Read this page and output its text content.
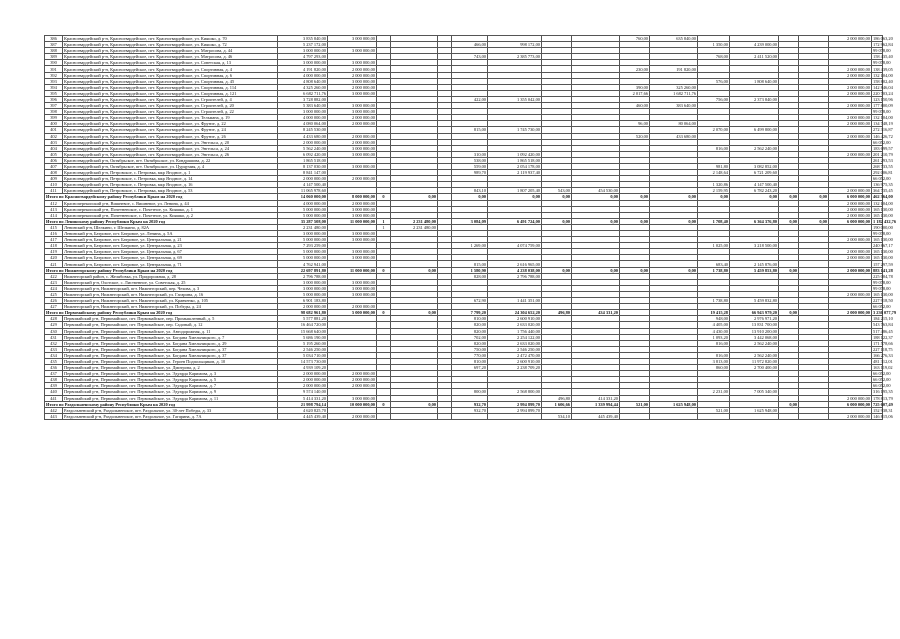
386	Красногвардейский р-н, Красногвардейское, пгт. Красногвардейское, ул. Кияшко, д. 70	3 835 840,00	3 000 000,00								760,00	635 840,00					2 000 000,00	186 063,20
387	Красногвардейский р-н, Красногвардейское, пгт. Красногвардейское, ул. Кияшко, д. 72	5 237 172,00					466,00	998 172,00					1 350,00	4 239 000,00				172 962,84
388	Красногвардейский р-н, Красногвардейское, пгт. Красногвардейское, ул. Матросова, д. 44	3 000 000,00	3 000 000,00															99 078,00
389	Красногвардейский р-н, Красногвардейское, пгт. Красногвардейское, ул. Матросова, д. 46	4 797 293,00					743,00	2 385 773,00					768,00	2 411 520,00				158 435,40
390	Красногвардейский р-н, Красногвардейское, пгт. Красногвардейское, ул. Советская, д. 13	3 000 000,00	3 000 000,00															99 078,00
391	Красногвардейский р-н, Красногвардейское, пгт. Красногвардейское, ул. Спортивная, д. 4	4 191 820,00	2 000 000,00								230,00	191 820,00					2 000 000,00	138 439,05
392	Красногвардейский р-н, Красногвардейское, пгт. Красногвардейское, ул. Спортивная, д. 6	4 000 000,00	2 000 000,00														2 000 000,00	132 104,00
393	Красногвардейский р-н, Красногвардейское, пгт. Красногвардейское, ул. Спортивная, д. 45	4 808 640,00	3 000 000,00										576,00	1 808 640,00				158 802,40
394	Красногвардейский р-н, Красногвардейское, пгт. Красногвардейское, ул. Спортивная, д. 114	4 325 260,00	2 000 000,00								390,00	325 260,00					2 000 000,00	142 846,04
395	Красногвардейский р-н, Красногвардейское, пгт. Красногвардейское, ул. Спортивная, д. 121	6 682 711,76	3 000 000,00								2 017,66	1 682 711,76					2 000 000,00	220 703,24
396	Красногвардейский р-н, Красногвардейское, пгт. Красногвардейское, ул. Строителей, д. 4	3 728 882,00					422,00	1 355 042,00					756,00	2 373 840,00				123 150,96
397	Красногвардейский р-н, Красногвардейское, пгт. Красногвардейское, ул. Строителей, д. 20	5 383 640,00	3 000 000,00								460,00	383 640,00					2 000 000,00	177 800,09
398	Красногвардейский р-н, Красногвардейское, пгт. Красногвардейское, ул. Строителей, д. 22	3 000 000,00	3 000 000,00															99 078,00
399	Красногвардейский р-н, Красногвардейское, пгт. Красногвардейское, ул. Тельмана, д. 19	4 000 000,00	2 000 000,00														2 000 000,00	132 104,00
400	Красногвардейский р-н, Красногвардейское, пгт. Красногвардейское, ул. Фрунзе, д. 22	4 080 064,00	2 000 000,00								96,00	80 064,00					2 000 000,00	134 748,19
401	Красногвардейский р-н, Красногвардейское, пгт. Красногвардейское, ул. Фрунзе, д. 24	8 245 530,00					815,00	1 745 730,00					2 070,00	6 499 800,00				272 316,87
402	Красногвардейский р-н, Красногвардейское, пгт. Красногвардейское, ул. Фрунзе, д. 26	4 433 680,00	2 000 000,00								520,00	433 680,00					2 000 000,00	146 426,72
403	Красногвардейский р-н, Красногвардейское, пгт. Красногвардейское, ул. Энгельса, д. 20	2 000 000,00	2 000 000,00															66 052,00
404	Красногвардейский р-н, Красногвардейское, пгт. Красногвардейское, ул. Энгельса, д. 24	5 562 240,00	3 000 000,00										816,00	2 562 240,00				183 699,57
405	Красногвардейский р-н, Красногвардейское, пгт. Красногвардейское, ул. Энгельса, д. 26	6 092 420,00	3 000 000,00				310,00	1 092 420,00									2 000 000,00	201 210,79
406	Красногвардейский р-н, Октябрьское, пгт. Октябрьское, ул. Кондрашова, д. 22	1 865 518,00					538,00	1 865 518,00										261 293,53
407	Красногвардейский р-н, Октябрьское, пгт. Октябрьское, ул. Цурцумия, д. 4	8 137 030,00	3 000 000,00				559,00	2 054 178,00					981,80	3 082 852,00				268 733,55
408	Красногвардейский р-н, Петровское, с. Петровка, мкр Ягодное, д. 1	8 841 147,00					989,70	2 119 937,40					2 148,64	6 721 209,60				292 006,81
409	Красногвардейский р-н, Петровское, с. Петровка, мкр Ягодное, д. 14	2 000 000,00	2 000 000,00															66 052,00
410	Красногвардейский р-н, Петровское, с. Петровка, мкр Ягодное, д. 16	4 147 500,40											1 320,86	4 147 500,40				136 975,35
411	Красногвардейский р-н, Петровское, с. Петровка, мкр Ягодное, д. 53	11 065 978,60					843,10	1 807 205,40	543,00	454 530,00			2 159,95	6 782 243,20			2 000 000,00	364 735,45
Итого по Красногвардейскому району Республики Крым на 2020 год		14 060 000,00	8 000 000,00	0	0,00		0,00	0,00	0,00	0,00	0,00	0,00	0,00	0,00	0,00	0,00	6 000 000,00	462 364,00
412	Красноперекопский р-н, Вишневое, с. Вишневое, ул. Ленина, д. 44	4 000 000,00	2 000 000,00														2 000 000,00	132 104,00
413	Красноперекопский р-н, Почетненское, с. Почетное, ул. Кияшко, д. 1	5 000 000,00	3 000 000,00														2 000 000,00	165 130,00
414	Красноперекопский р-н, Почетненское, с. Почетное, ул. Кияшко, д. 2	5 000 000,00	3 000 000,00														2 000 000,00	165 130,00
Итого по Ленинскому району Республики Крым на 2020 год		35 287 508,00	11 000 000,00	1	2 231 480,00		3 084,09	6 491 724,00	0,00	0,00	0,00	0,00	1 708,40	6 364 376,80	0,00	0,00	6 000 000,00	1 182 432,76
415	Ленинский р-н, Шелкино, г. Шелкино, д. 82А	2 231 480,00		1	2 231 480,00													190 000,00
416	Ленинский р-н, Батровое, пгт. Батровое, ул. Ленина, д. 5А	3 000 000,00	3 000 000,00															99 078,00
417	Ленинский р-н, Батровое, пгт. Батровое, ул. Центральная, д. 21	5 000 000,00	3 000 000,00														2 000 000,00	165 130,00
418	Ленинский р-н, Батровое, пгт. Батровое, ул. Центральная, д. 23	7 293 259,00					1 269,00	4 074 759,00					1 025,00	3 218 500,00				240 867,17
419	Ленинский р-н, Батровое, пгт. Батровое, ул. Центральная, д. 67	5 000 000,00	3 000 000,00														2 000 000,00	165 130,00
420	Ленинский р-н, Батровое, пгт. Батровое, ул. Центральная, д. 69	5 000 000,00	3 000 000,00														2 000 000,00	165 130,00
421	Ленинский р-н, Батровое, пгт. Батровое, ул. Центральная, д. 71	4 762 941,00					815,00	2 616 965,00					683,40	2 145 876,00				157 297,59
Итого по Нижнегорскому району Республики Крым на 2020 год		22 697 891,80	11 000 000,00	0	0,00		1 580,90	4 238 038,00	0,00	0,00	0,00	0,00	1 738,80	5 459 853,80	0,00		2 000 000,00	883 141,28
422	Нижнегорский район, с. Желябовка, ул. Придорожная, д. 28	2 796 788,00					828,00	2 796 788,00										225 004,78
423	Нижнегорский р-н, Охотское, с. Лиственное, ул. Советская, д. 25	3 000 000,00	3 000 000,00															99 078,00
424	Нижнегорский р-н, Нижнегорский, пгт. Нижнегорский, пер. Чехова, д. 3	3 000 000,00	3 000 000,00															99 078,00
425	Нижнегорский р-н, Нижнегорский, пгт. Нижнегорский, ул. Гагарина, д. 16	5 000 000,00	3 000 000,00														2 000 000,00	165 130,00
426	Нижнегорский р-н, Нижнегорский, пгт. Нижнегорский, ул. Кравченко, д. 105	6 901 183,80					672,90	1 441 351,00					1 738,80	5 459 832,80				227 918,50
427	Нижнегорский р-н, Нижнегорский, пгт. Нижнегорский, ул. Победы, д. 24	2 000 000,00	2 000 000,00															66 052,00
Итого по Первомайскому району Республики Крым на 2020 год		98 682 961,80	5 000 000,00	0	0,00		7 799,20	24 304 652,20	496,80	434 331,20			19 415,28	66 943 979,20	0,00		2 000 000,00	3 236 077,79
428	Первомайский р-н, Первомайское, пгт. Первомайское, пер. Промышленный, д. 5	5 577 881,20					810,00	2 600 910,00					948,00	2 976 971,20				184 215,10
429	Первомайский р-н, Первомайское, пгт. Первомайское, пер. Садовый, д. 12	16 464 720,00					820,00	2 633 020,00					4 405,00	13 831 700,00				543 763,84
430	Первомайский р-н, Первомайское, пгт. Первомайское, ул. Автодорожная, д. 11	15 668 640,00					820,00	1 756 440,00					4 430,00	13 910 200,00				517 486,45
431	Первомайский р-н, Первомайское, пгт. Первомайское, ул. Богдана Хмельницкого, д. 7	5 686 190,00					702,00	2 254 122,00					1 093,20	3 442 068,00				188 122,37
432	Первомайский р-н, Первомайское, пгт. Первомайское, ул. Богдана Хмельницкого, д. 29	5 195 260,00					820,00	2 633 020,00					816,00	2 562 240,00				171 578,66
433	Первомайский р-н, Первомайское, пгт. Первомайское, ул. Богдана Хмельницкого, д. 37	2 546 250,00					750,00	2 546 250,00										227 118,75
434	Первомайский р-н, Первомайское, пгт. Первомайское, ул. Богдана Хмельницкого, д. 37	5 034 710,00					770,00	2 472 470,00					816,00	2 562 240,00				166 276,33
435	Первомайский р-н, Первомайское, пгт. Первомайское, ул. Героев Подпольщиков, д. 10	14 573 730,00					810,00	2 600 910,00					3 813,00	11 972 820,00				481 312,01
436	Первомайский р-н, Первомайское, пгт. Первомайское, ул. Дмитрова, д. 2	4 939 109,20					697,20	2 238 709,20					860,00	2 700 400,00				163 119,02
437	Первомайский р-н, Первомайское, пгт. Первомайское, ул. Эдуарда Каримова, д. 3	2 000 000,00	2 000 000,00															66 052,00
438	Первомайский р-н, Первомайское, пгт. Первомайское, ул. Эдуарда Каримова, д. 5	2 000 000,00	2 000 000,00															66 052,00
439	Первомайский р-н, Первомайское, пгт. Первомайское, ул. Эдуарда Каримова, д. 7	2 000 000,00	2 000 000,00															66 052,00
440	Первомайский р-н, Первомайское, пгт. Первомайское, ул. Эдуарда Каримова, д. 9	9 574 140,00					800,00	2 568 800,00					2 231,00	7 005 340,00				316 195,35
441	Первомайский р-н, Первомайское, пгт. Первомайское, ул. Эдуарда Каримова, д. 11	5 414 331,20	3 000 000,00						496,80	414 331,20							2 000 000,00	178 813,79
Итого по Раздольненскому району Республики Крым на 2020 год		21 998 794,14	10 000 000,00	0	0,00		932,70	2 994 899,70	1 606,66	1 339 994,44	521,00	1 625 948,00			0,00		6 000 000,00	725 607,49
442	Раздольненский р-н, Раздольненское, пгт. Раздольное, ул. 30-лет Победы, д. 33	4 620 825,70					932,70	2 994 899,70					521,00	1 625 948,00				152 938,31
443	Раздольненский р-н, Раздольненское, пгт. Раздольное, ул. Гагарина, д. 7А	4 445 439,40	2 000 000,00						534,10	445 439,40							2 000 000,00	146 815,06
